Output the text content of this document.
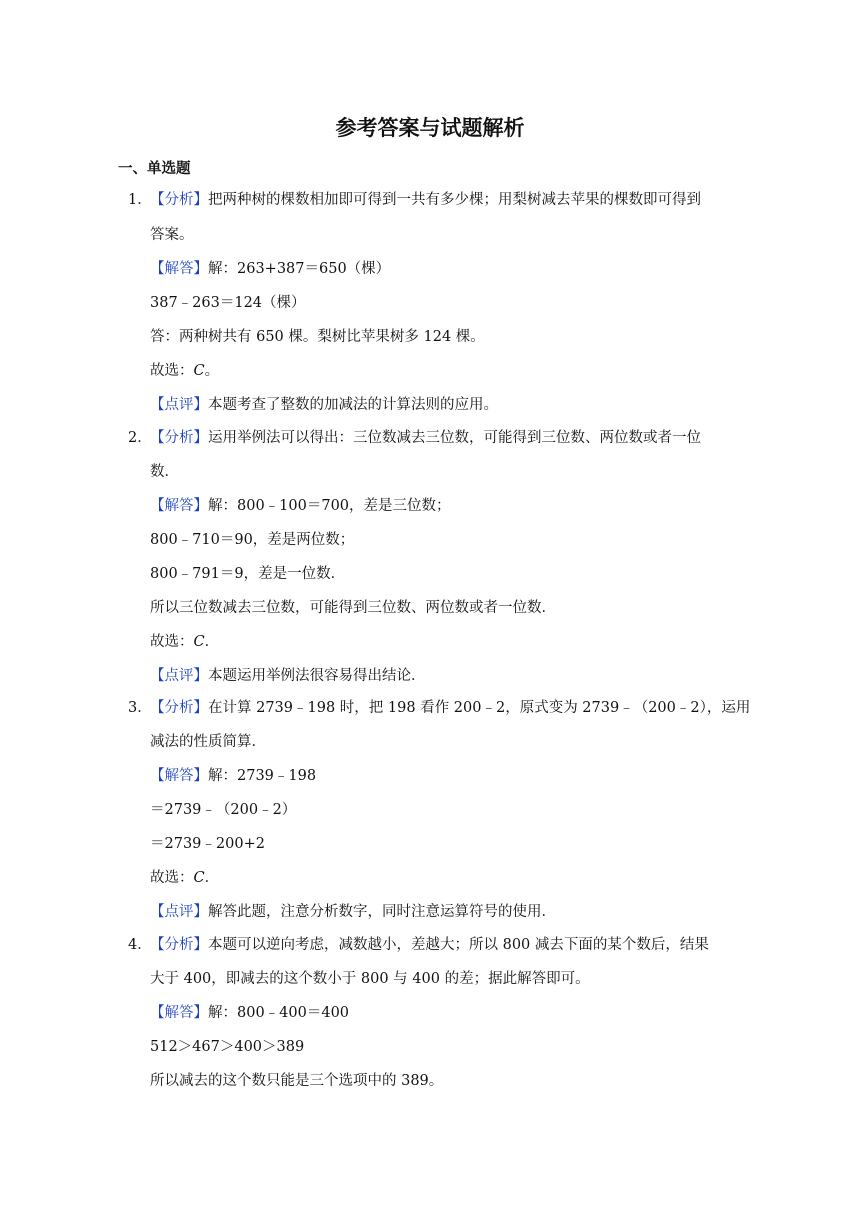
参考答案与试题解析
一、单选题
1．
【分析】把两种树的棵数相加即可得到一共有多少棵；用梨树减去苹果的棵数即可得到
答案。
【解答】解：263+387＝650（棵）
387﹣263＝124（棵）
答：两种树共有 650 棵。梨树比苹果树多 124 棵。
故选：C。
【点评】本题考查了整数的加减法的计算法则的应用。
2．
【分析】运用举例法可以得出：三位数减去三位数，可能得到三位数、两位数或者一位
数．
【解答】解：800﹣100＝700，差是三位数；
800﹣710＝90，差是两位数；
800﹣791＝9，差是一位数．
所以三位数减去三位数，可能得到三位数、两位数或者一位数．
故选：C．
【点评】本题运用举例法很容易得出结论．
3．
【分析】在计算 2739﹣198 时，把 198 看作 200﹣2，原式变为 2739﹣（200﹣2），运用
减法的性质简算．
【解答】解：2739﹣198
＝2739﹣（200﹣2）
＝2739﹣200+2
故选：C．
【点评】解答此题，注意分析数字，同时注意运算符号的使用．
4．
【分析】本题可以逆向考虑，减数越小，差越大；所以 800 减去下面的某个数后，结果
大于 400，即减去的这个数小于 800 与 400 的差；据此解答即可。
【解答】解：800﹣400＝400
512＞467＞400＞389
所以减去的这个数只能是三个选项中的 389。
